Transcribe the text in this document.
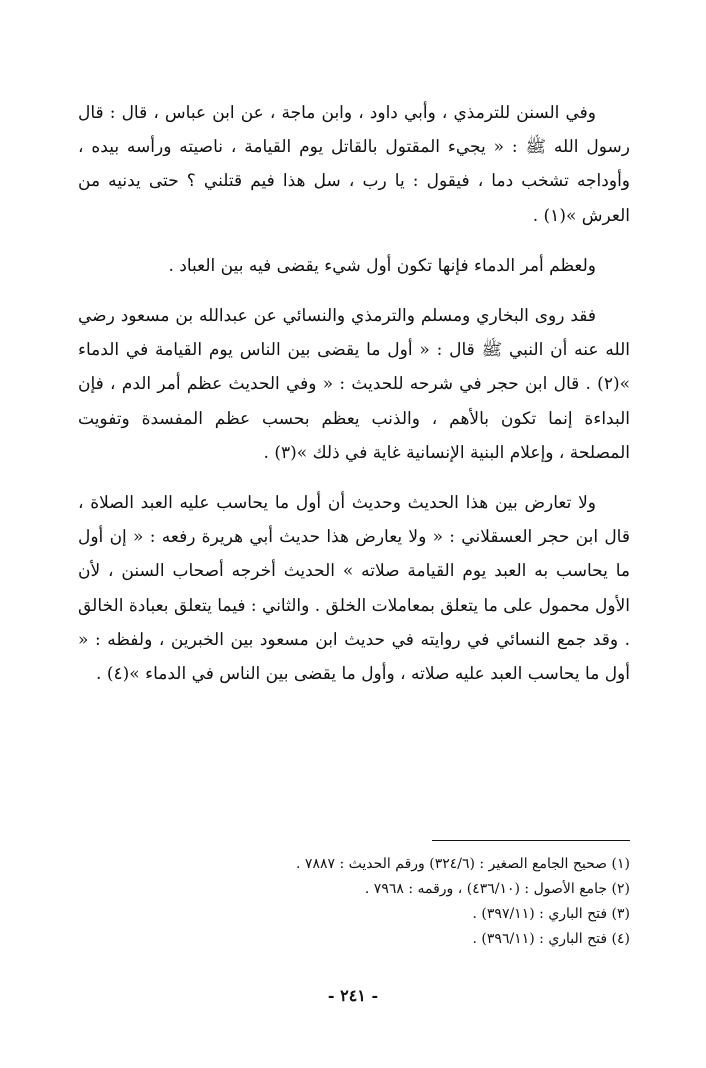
وفي السنن للترمذي ، وأبي داود ، وابن ماجة ، عن ابن عباس ، قال : قال رسول الله ﷺ : « يجيء المقتول بالقاتل يوم القيامة ، ناصيته ورأسه بيده ، وأوداجه تشخب دما ، فيقول : يا رب ، سل هذا فيم قتلني ؟ حتى يدنيه من العرش »(١) .

ولعظم أمر الدماء فإنها تكون أول شيء يقضى فيه بين العباد .

فقد روى البخاري ومسلم والترمذي والنسائي عن عبدالله بن مسعود رضي الله عنه أن النبي ﷺ قال : « أول ما يقضى بين الناس يوم القيامة في الدماء »(٢) . قال ابن حجر في شرحه للحديث : « وفي الحديث عظم أمر الدم ، فإن البداءة إنما تكون بالأهم ، والذنب يعظم بحسب عظم المفسدة وتفويت المصلحة ، وإعلام البنية الإنسانية غاية في ذلك »(٣) .

ولا تعارض بين هذا الحديث وحديث أن أول ما يحاسب عليه العبد الصلاة ، قال ابن حجر العسقلاني : « ولا يعارض هذا حديث أبي هريرة رفعه : « إن أول ما يحاسب به العبد يوم القيامة صلاته » الحديث أخرجه أصحاب السنن ، لأن الأول محمول على ما يتعلق بمعاملات الخلق . والثاني : فيما يتعلق بعبادة الخالق . وقد جمع النسائي في روايته في حديث ابن مسعود بين الخبرين ، ولفظه : « أول ما يحاسب العبد عليه صلاته ، وأول ما يقضى بين الناس في الدماء »(٤) .

(١) صحيح الجامع الصغير : (٣٢٤/٦) ورقم الحديث : ٧٨٨٧ .
(٢) جامع الأصول : (٤٣٦/١٠) ، ورقمه : ٧٩٦٨ .
(٣) فتح الباري : (٣٩٧/١١) .
(٤) فتح الباري : (٣٩٦/١١) .
- ٢٤١ -
